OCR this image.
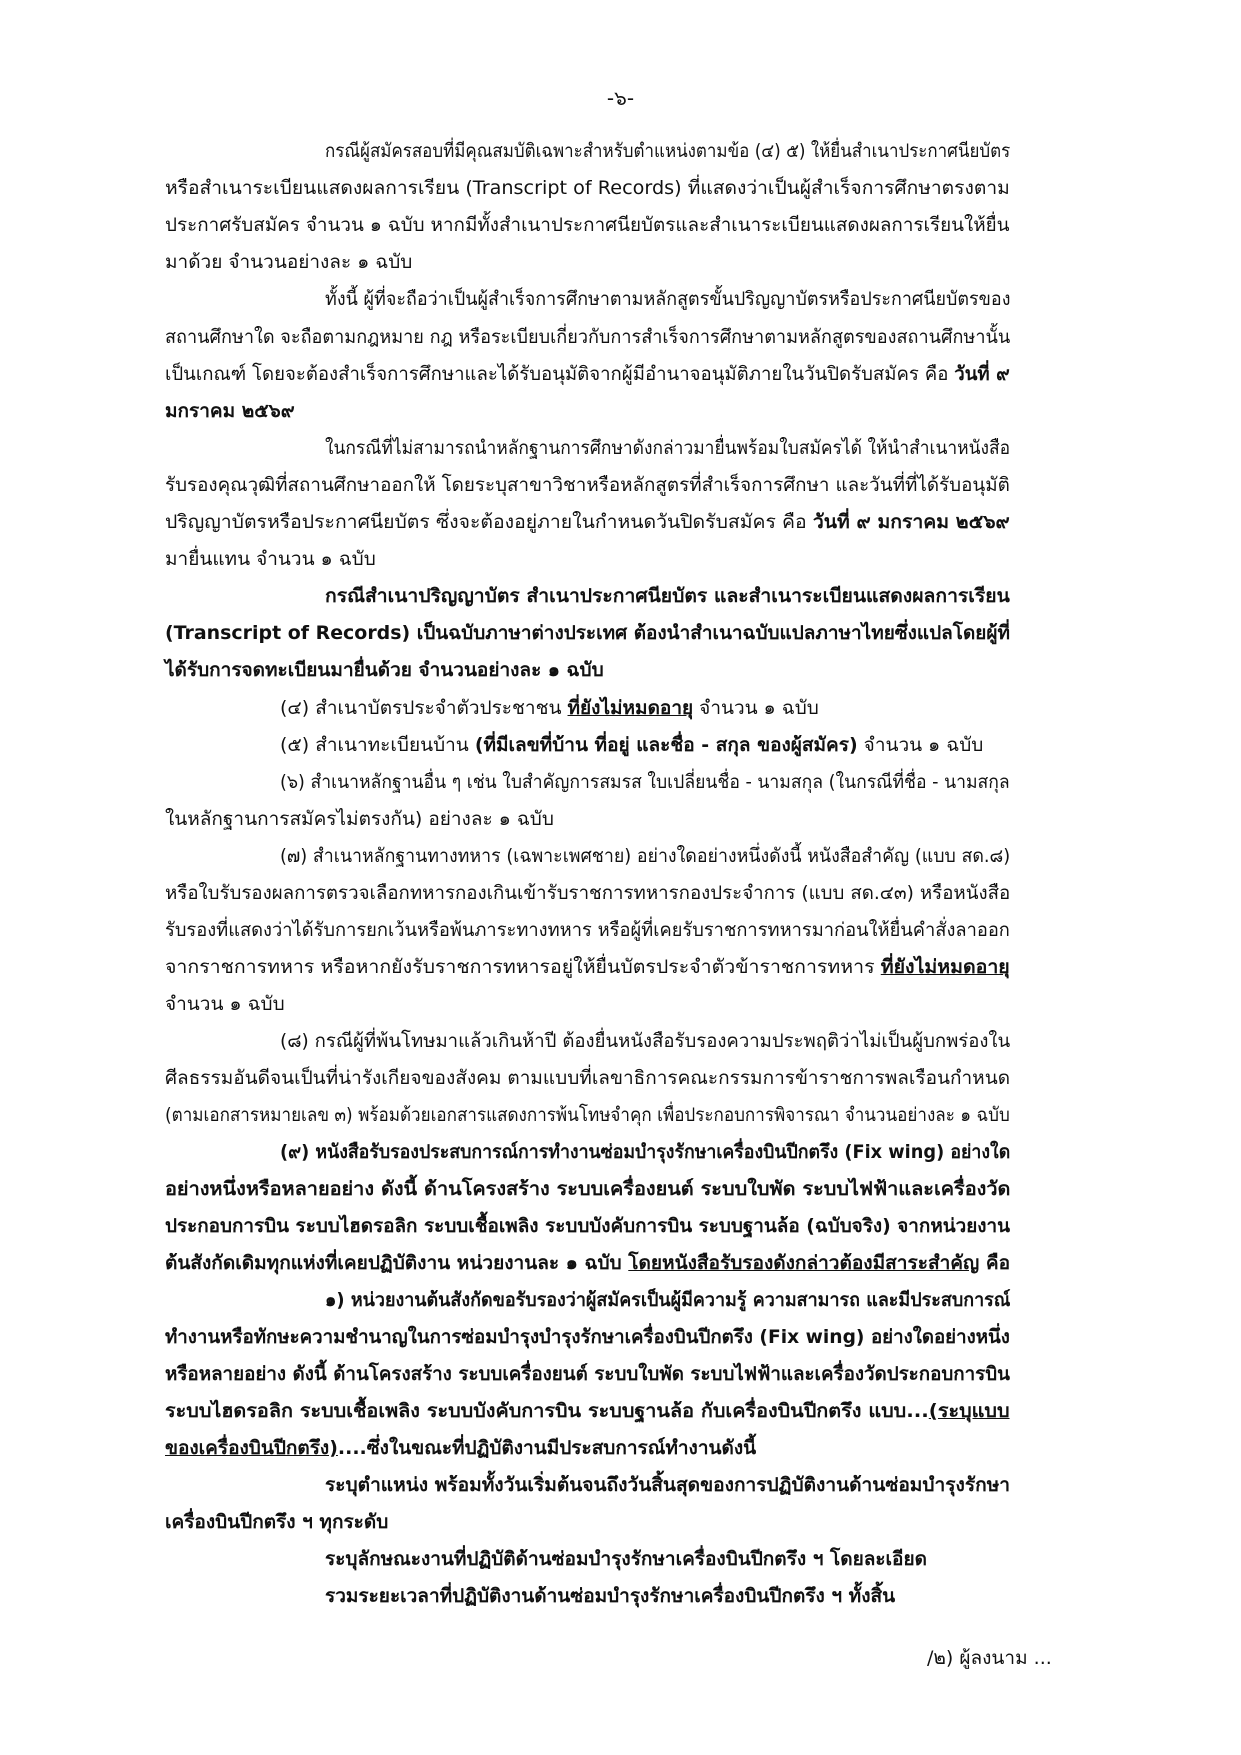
-๖-
กรณีผู้สมัครสอบที่มีคุณสมบัติเฉพาะสำหรับตำแหน่งตามข้อ (๔) ๕) ให้ยื่นสำเนาประกาศนียบัตร
หรือสำเนาระเบียนแสดงผลการเรียน (Transcript of Records) ที่แสดงว่าเป็นผู้สำเร็จการศึกษาตรงตาม
ประกาศรับสมัคร จำนวน ๑ ฉบับ หากมีทั้งสำเนาประกาศนียบัตรและสำเนาระเบียนแสดงผลการเรียนให้ยื่น
มาด้วย จำนวนอย่างละ ๑ ฉบับ
ทั้งนี้ ผู้ที่จะถือว่าเป็นผู้สำเร็จการศึกษาตามหลักสูตรขั้นปริญญาบัตรหรือประกาศนียบัตรของ
สถานศึกษาใด จะถือตามกฎหมาย กฎ หรือระเบียบเกี่ยวกับการสำเร็จการศึกษาตามหลักสูตรของสถานศึกษานั้น
เป็นเกณฑ์ โดยจะต้องสำเร็จการศึกษาและได้รับอนุมัติจากผู้มีอำนาจอนุมัติภายในวันปิดรับสมัคร คือ วันที่ ๙
มกราคม ๒๕๖๙
ในกรณีที่ไม่สามารถนำหลักฐานการศึกษาดังกล่าวมายื่นพร้อมใบสมัครได้ ให้นำสำเนาหนังสือ
รับรองคุณวุฒิที่สถานศึกษาออกให้ โดยระบุสาขาวิชาหรือหลักสูตรที่สำเร็จการศึกษา และวันที่ที่ได้รับอนุมัติ
ปริญญาบัตรหรือประกาศนียบัตร ซึ่งจะต้องอยู่ภายในกำหนดวันปิดรับสมัคร คือ วันที่ ๙ มกราคม ๒๕๖๙
มายื่นแทน จำนวน ๑ ฉบับ
กรณีสำเนาปริญญาบัตร สำเนาประกาศนียบัตร และสำเนาระเบียนแสดงผลการเรียน
(Transcript of Records) เป็นฉบับภาษาต่างประเทศ ต้องนำสำเนาฉบับแปลภาษาไทยซึ่งแปลโดยผู้ที่
ได้รับการจดทะเบียนมายื่นด้วย จำนวนอย่างละ ๑ ฉบับ
(๔) สำเนาบัตรประจำตัวประชาชน ที่ยังไม่หมดอายุ จำนวน ๑ ฉบับ
(๕) สำเนาทะเบียนบ้าน (ที่มีเลขที่บ้าน ที่อยู่ และชื่อ - สกุล ของผู้สมัคร) จำนวน ๑ ฉบับ
(๖) สำเนาหลักฐานอื่น ๆ เช่น ใบสำคัญการสมรส ใบเปลี่ยนชื่อ - นามสกุล (ในกรณีที่ชื่อ - นามสกุล
ในหลักฐานการสมัครไม่ตรงกัน) อย่างละ ๑ ฉบับ
(๗) สำเนาหลักฐานทางทหาร (เฉพาะเพศชาย) อย่างใดอย่างหนึ่งดังนี้ หนังสือสำคัญ (แบบ สด.๘)
หรือใบรับรองผลการตรวจเลือกทหารกองเกินเข้ารับราชการทหารกองประจำการ (แบบ สด.๔๓) หรือหนังสือ
รับรองที่แสดงว่าได้รับการยกเว้นหรือพ้นภาระทางทหาร หรือผู้ที่เคยรับราชการทหารมาก่อนให้ยื่นคำสั่งลาออก
จากราชการทหาร หรือหากยังรับราชการทหารอยู่ให้ยื่นบัตรประจำตัวข้าราชการทหาร ที่ยังไม่หมดอายุ
จำนวน ๑ ฉบับ
(๘) กรณีผู้ที่พ้นโทษมาแล้วเกินห้าปี ต้องยื่นหนังสือรับรองความประพฤติว่าไม่เป็นผู้บกพร่องใน
ศีลธรรมอันดีจนเป็นที่น่ารังเกียจของสังคม ตามแบบที่เลขาธิการคณะกรรมการข้าราชการพลเรือนกำหนด
(ตามเอกสารหมายเลข ๓) พร้อมด้วยเอกสารแสดงการพ้นโทษจำคุก เพื่อประกอบการพิจารณา จำนวนอย่างละ ๑ ฉบับ
(๙) หนังสือรับรองประสบการณ์การทำงานซ่อมบำรุงรักษาเครื่องบินปีกตรึง (Fix wing) อย่างใด
อย่างหนึ่งหรือหลายอย่าง ดังนี้ ด้านโครงสร้าง ระบบเครื่องยนต์ ระบบใบพัด ระบบไฟฟ้าและเครื่องวัด
ประกอบการบิน ระบบไฮดรอลิก ระบบเชื้อเพลิง ระบบบังคับการบิน ระบบฐานล้อ (ฉบับจริง) จากหน่วยงาน
ต้นสังกัดเดิมทุกแห่งที่เคยปฏิบัติงาน หน่วยงานละ ๑ ฉบับ โดยหนังสือรับรองดังกล่าวต้องมีสาระสำคัญ คือ
๑) หน่วยงานต้นสังกัดขอรับรองว่าผู้สมัครเป็นผู้มีความรู้ ความสามารถ และมีประสบการณ์
ทำงานหรือทักษะความชำนาญในการซ่อมบำรุงบำรุงรักษาเครื่องบินปีกตรึง (Fix wing) อย่างใดอย่างหนึ่ง
หรือหลายอย่าง ดังนี้ ด้านโครงสร้าง ระบบเครื่องยนต์ ระบบใบพัด ระบบไฟฟ้าและเครื่องวัดประกอบการบิน
ระบบไฮดรอลิก ระบบเชื้อเพลิง ระบบบังคับการบิน ระบบฐานล้อ กับเครื่องบินปีกตรึง แบบ...(ระบุแบบ
ของเครื่องบินปีกตรึง)....ซึ่งในขณะที่ปฏิบัติงานมีประสบการณ์ทำงานดังนี้
ระบุตำแหน่ง พร้อมทั้งวันเริ่มต้นจนถึงวันสิ้นสุดของการปฏิบัติงานด้านซ่อมบำรุงรักษา
เครื่องบินปีกตรึง ฯ ทุกระดับ
ระบุลักษณะงานที่ปฏิบัติด้านซ่อมบำรุงรักษาเครื่องบินปีกตรึง ฯ โดยละเอียด
รวมระยะเวลาที่ปฏิบัติงานด้านซ่อมบำรุงรักษาเครื่องบินปีกตรึง ฯ ทั้งสิ้น
/๒) ผู้ลงนาม ...
